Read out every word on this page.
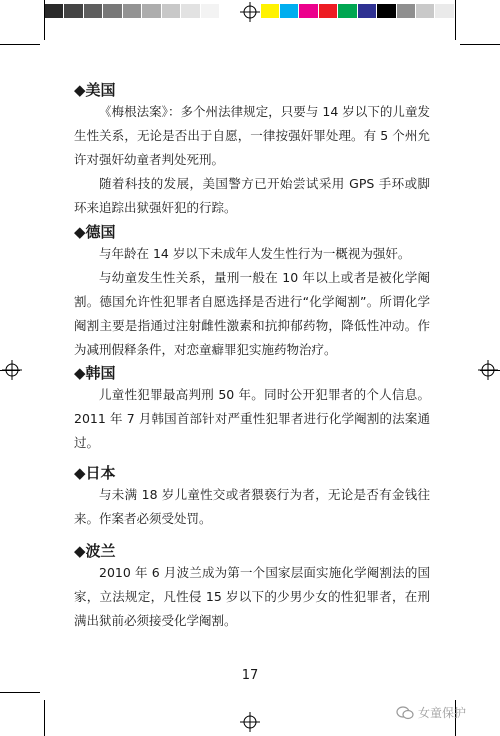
◆美国

《梅根法案》：多个州法律规定，只要与 14 岁以下的儿童发生性关系，无论是否出于自愿，一律按强奸罪处理。有 5 个州允许对强奸幼童者判处死刑。

随着科技的发展，美国警方已开始尝试采用 GPS 手环或脚环来追踪出狱强奸犯的行踪。

◆德国

与年龄在 14 岁以下未成年人发生性行为一概视为强奸。

与幼童发生性关系，量刑一般在 10 年以上或者是被化学阉割。德国允许性犯罪者自愿选择是否进行“化学阉割”。所谓化学阉割主要是指通过注射雌性激素和抗抑郁药物，降低性冲动。作为减刑假释条件，对恋童癖罪犯实施药物治疗。

◆韩国

儿童性犯罪最高判刑 50 年。同时公开犯罪者的个人信息。2011 年 7 月韩国首部针对严重性犯罪者进行化学阉割的法案通过。

◆日本

与未满 18 岁儿童性交或者猥亵行为者，无论是否有金钱往来。作案者必须受处罚。

◆波兰

2010 年 6 月波兰成为第一个国家层面实施化学阉割法的国家，立法规定，凡性侵 15 岁以下的少男少女的性犯罪者，在刑满出狱前必须接受化学阉割。

17
女童保护
